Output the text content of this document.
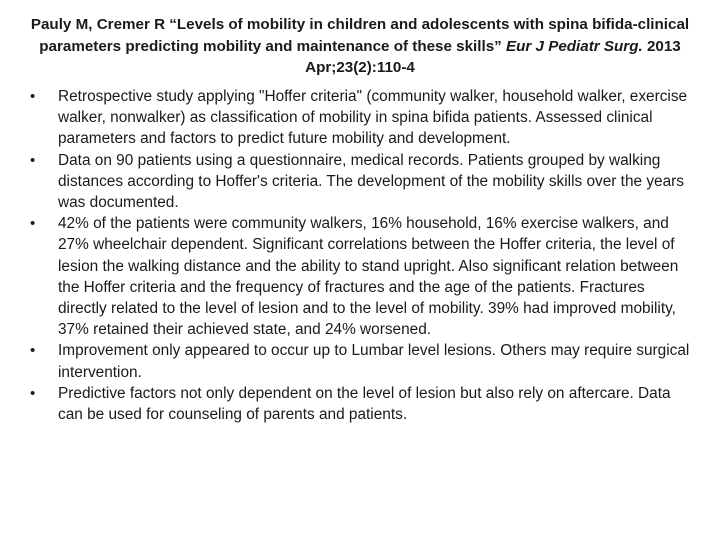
Pauly M, Cremer R “Levels of mobility in children and adolescents with spina bifida-clinical parameters predicting mobility and maintenance of these skills” Eur J Pediatr Surg. 2013 Apr;23(2):110-4

•	Retrospective study applying "Hoffer criteria" (community walker, household walker, exercise walker, nonwalker) as classification of mobility in spina bifida patients. Assessed clinical parameters and factors to predict future mobility and development.
•	Data on 90 patients using a questionnaire, medical records. Patients grouped by walking distances according to Hoffer's criteria. The development of the mobility skills over the years was documented.
•	42% of the patients were community walkers, 16% household, 16% exercise walkers, and 27% wheelchair dependent. Significant correlations between the Hoffer criteria, the level of lesion the walking distance and the ability to stand upright. Also significant relation between the Hoffer criteria and the frequency of fractures and the age of the patients. Fractures directly related to the level of lesion and to the level of mobility. 39% had improved mobility, 37% retained their achieved state, and 24% worsened.
•	Improvement only appeared to occur up to Lumbar level lesions. Others may require surgical intervention.
•	Predictive factors not only dependent on the level of lesion but also rely on aftercare. Data can be used for counseling of parents and patients.
